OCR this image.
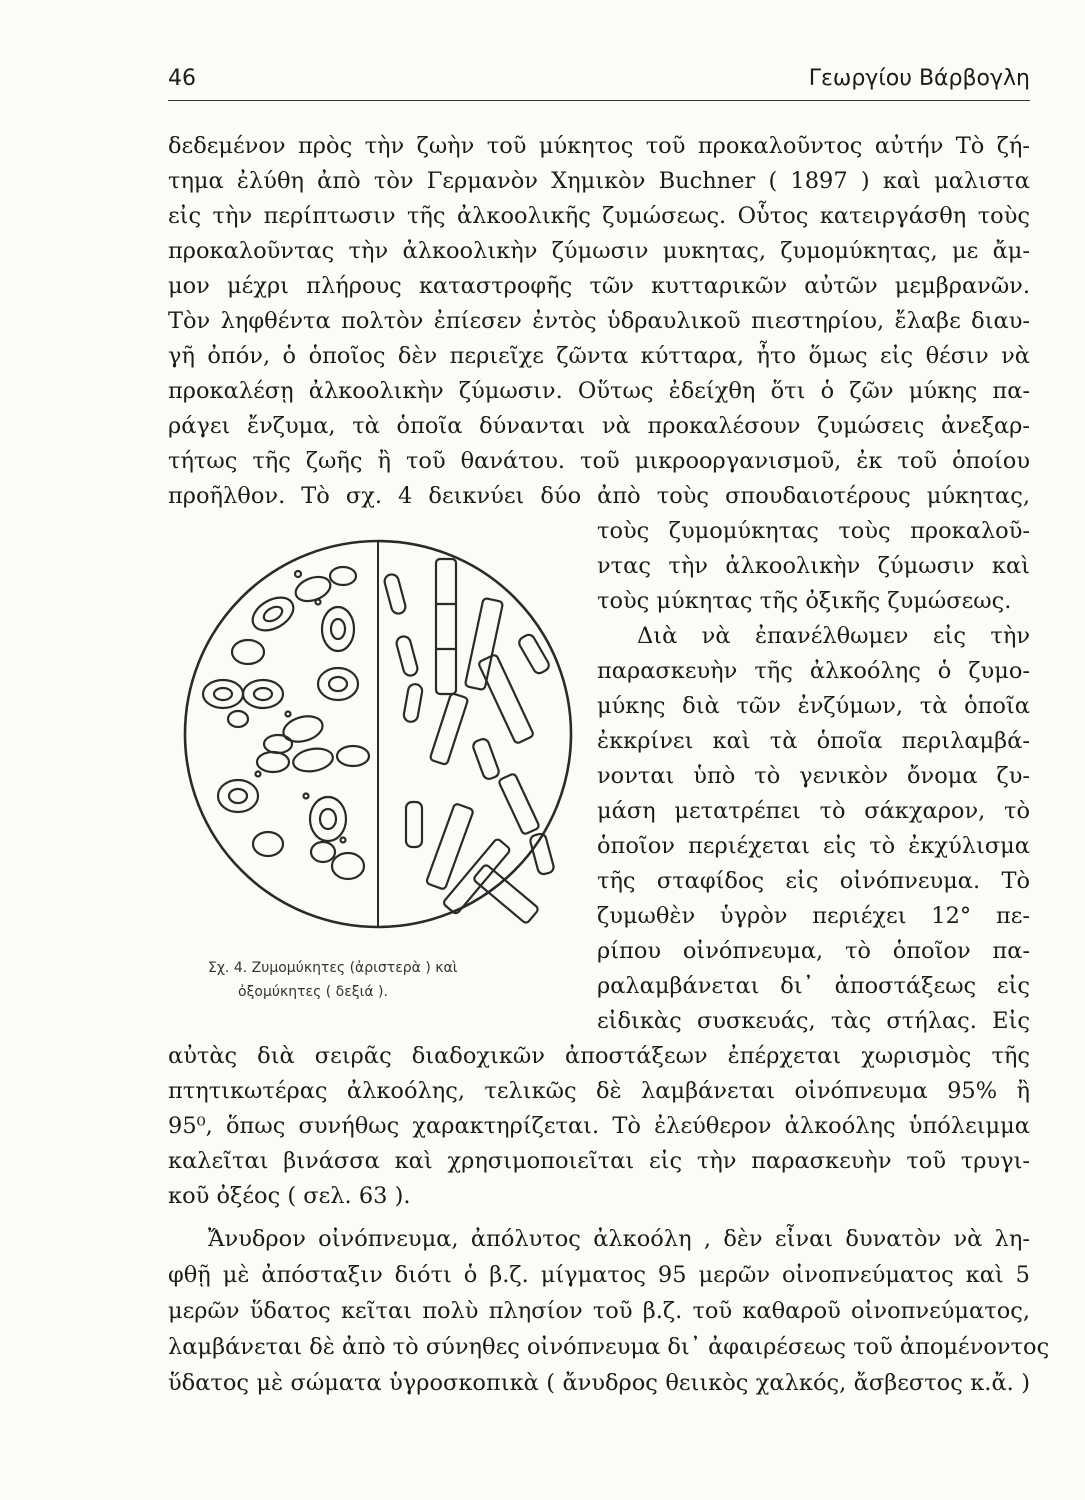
46	Γεωργίου Βάρβογλη
δεδεμένον πρὸς τὴν ζωὴν τοῦ μύκητος τοῦ προκαλοῦντος αὐτήν Τὸ ζή-
τημα ἐλύθη ἀπὸ τὸν Γερμανὸν Χημικὸν Buchner ( 1897 ) καὶ μαλιστα
εἰς τὴν περίπτωσιν τῆς ἀλκοολικῆς ζυμώσεως. Οὗτος κατειργάσθη τοὺς
προκαλοῦντας τὴν ἀλκοολικὴν ζύμωσιν μυκητας, ζυμομύκητας, με ἄμ-
μον μέχρι πλήρους καταστροφῆς τῶν κυτταρικῶν αὐτῶν μεμβρανῶν.
Τὸν ληφθέντα πολτὸν ἐπίεσεν ἐντὸς ὑδραυλικοῦ πιεστηρίου, ἔλαβε διαυ-
γῆ ὀπόν, ὁ ὁποῖος δὲν περιεῖχε ζῶντα κύτταρα, ἦτο ὅμως εἰς θέσιν νὰ
προκαλέσῃ ἀλκοολικὴν ζύμωσιν. Οὕτως ἐδείχθη ὅτι ὁ ζῶν μύκης πα-
ράγει ἔνζυμα, τὰ ὁποῖα δύνανται νὰ προκαλέσουν ζυμώσεις ἀνεξαρ-
τήτως τῆς ζωῆς ἢ τοῦ θανάτου. τοῦ μικροοργανισμοῦ, ἐκ τοῦ ὁποίου
προῆλθον. Τὸ σχ. 4 δεικνύει δύο ἀπὸ τοὺς σπουδαιοτέρους μύκητας,
τοὺς ζυμομύκητας τοὺς προκαλοῦ-
ντας τὴν ἀλκοολικὴν ζύμωσιν καὶ
τοὺς μύκητας τῆς ὀξικῆς ζυμώσεως.
Διὰ νὰ ἐπανέλθωμεν εἰς τὴν
παρασκευὴν τῆς ἀλκοόλης ὁ ζυμο-
μύκης διὰ τῶν ἐνζύμων, τὰ ὁποῖα
ἐκκρίνει καὶ τὰ ὁποῖα περιλαμβά-
νονται ὑπὸ τὸ γενικὸν ὄνομα ζυ-
μάση μετατρέπει τὸ σάκχαρον, τὸ
ὁποῖον περιέχεται εἰς τὸ ἐκχύλισμα
τῆς σταφίδος εἰς οἰνόπνευμα. Τὸ
ζυμωθὲν ὑγρὸν περιέχει 12° πε-
ρίπου οἰνόπνευμα, τὸ ὁποῖον πα-
ραλαμβάνεται δι᾽ ἀποστάξεως εἰς
εἰδικὰς συσκευάς, τὰς στήλας. Εἰς
αὐτὰς διὰ σειρᾶς διαδοχικῶν ἀποστάξεων ἐπέρχεται χωρισμὸς τῆς
πτητικωτέρας ἀλκοόλης, τελικῶς δὲ λαμβάνεται οἰνόπνευμα 95% ἢ
95⁰, ὅπως συνήθως χαρακτηρίζεται. Τὸ ἐλεύθερον ἀλκοόλης ὑπόλειμμα
καλεῖται βινάσσα καὶ χρησιμοποιεῖται εἰς τὴν παρασκευὴν τοῦ τρυγι-
κοῦ ὀξέος ( σελ. 63 ).
Ἄνυδρον οἰνόπνευμα, ἀπόλυτος ἀλκοόλη , δὲν εἶναι δυνατὸν νὰ λη-
φθῇ μὲ ἀπόσταξιν διότι ὁ β.ζ. μίγματος 95 μερῶν οἰνοπνεύματος καὶ 5
μερῶν ὕδατος κεῖται πολὺ πλησίον τοῦ β.ζ. τοῦ καθαροῦ οἰνοπνεύματος,
λαμβάνεται δὲ ἀπὸ τὸ σύνηθες οἰνόπνευμα δι᾽ ἀφαιρέσεως τοῦ ἀπομένοντος
ὕδατος μὲ σώματα ὑγροσκοπικὰ ( ἄνυδρος θειικὸς χαλκός, ἄσβεστος κ.ἄ. )
Σχ. 4. Ζυμομύκητες (ἀριστερὰ ) καὶ
ὀξομύκητες ( δεξιά ).
